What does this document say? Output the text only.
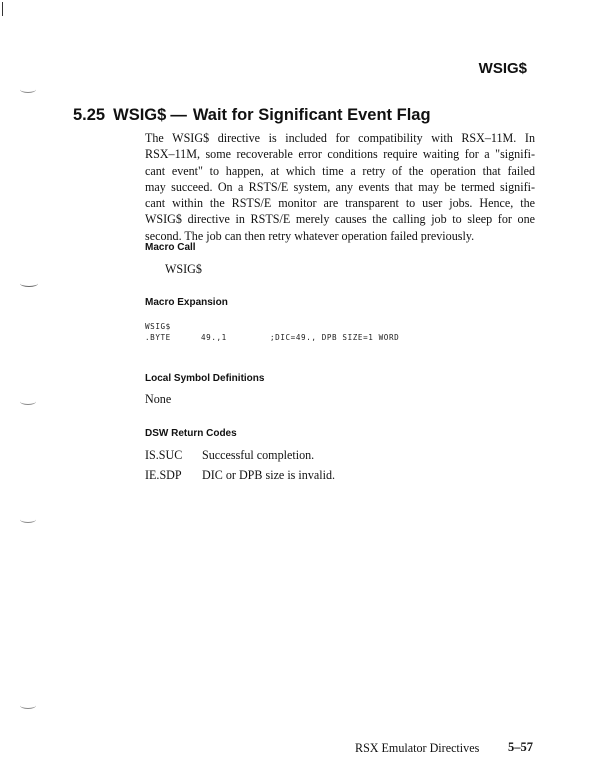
WSIG$
5.25 WSIG$ — Wait for Significant Event Flag
The WSIG$ directive is included for compatibility with RSX–11M. In
RSX–11M, some recoverable error conditions require waiting for a "signifi-
cant event" to happen, at which time a retry of the operation that failed
may succeed. On a RSTS/E system, any events that may be termed signifi-
cant within the RSTS/E monitor are transparent to user jobs. Hence, the
WSIG$ directive in RSTS/E merely causes the calling job to sleep for one
second. The job can then retry whatever operation failed previously.
Macro Call
WSIG$
Macro Expansion
WSIG$
.BYTE	49.,1	;DIC=49., DPB SIZE=1 WORD
Local Symbol Definitions
None
DSW Return Codes
IS.SUC Successful completion.
IE.SDP DIC or DPB size is invalid.
RSX Emulator Directives 5–57
